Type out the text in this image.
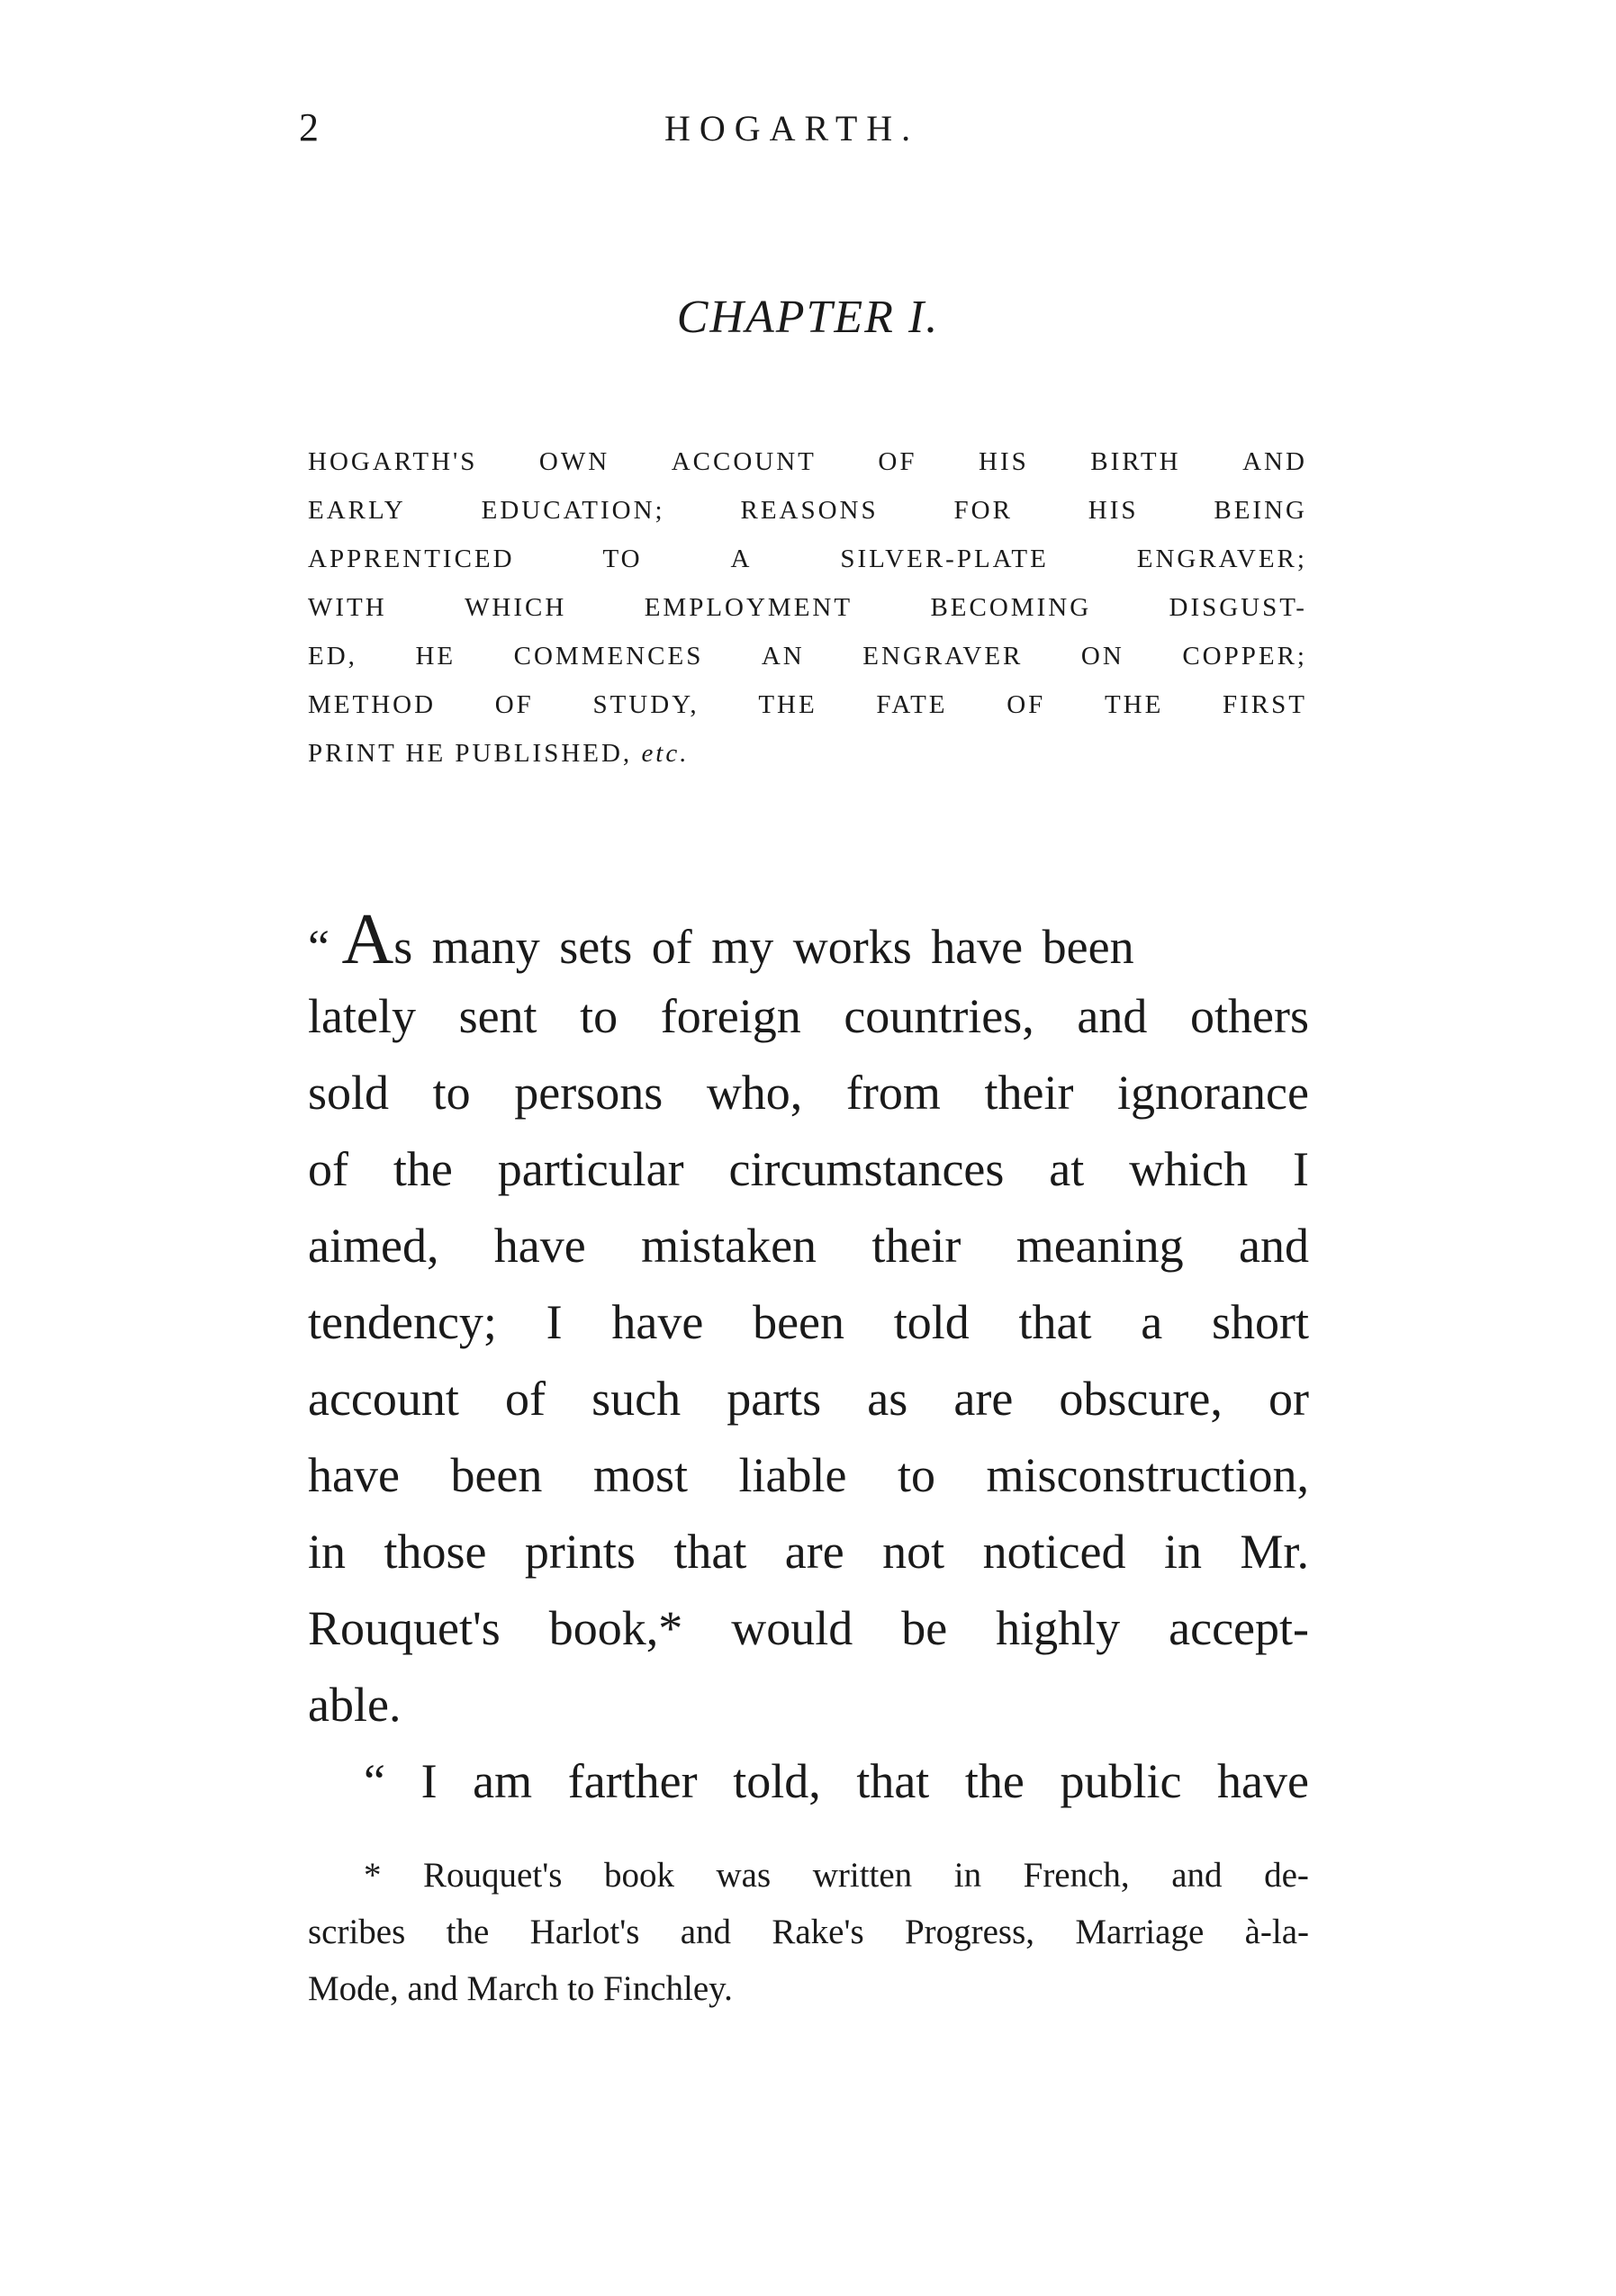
2	HOGARTH.
CHAPTER I.
HOGARTH'S OWN ACCOUNT OF HIS BIRTH AND
EARLY	EDUCATION;	REASONS	FOR	HIS	BEING
APPRENTICED	TO	A	SILVER-PLATE	ENGRAVER;
WITH	WHICH	EMPLOYMENT	BECOMING	DISGUST-
ED, HE COMMENCES AN ENGRAVER ON COPPER;
METHOD OF STUDY, THE FATE OF THE FIRST
PRINT HE PUBLISHED, etc.
“ As many sets of my works have been
lately sent to foreign countries, and others
sold to persons who, from their ignorance
of the particular circumstances at which I
aimed, have mistaken their meaning and
tendency; I have been told that a short
account of such parts as are obscure, or
have been most liable to misconstruction,
in those prints that are not noticed in Mr.
Rouquet's book,* would be highly accept-
able.
“ I am farther told, that the public have
* Rouquet's book was written in French, and de-
scribes the Harlot's and Rake's Progress, Marriage à-la-
Mode, and March to Finchley.
